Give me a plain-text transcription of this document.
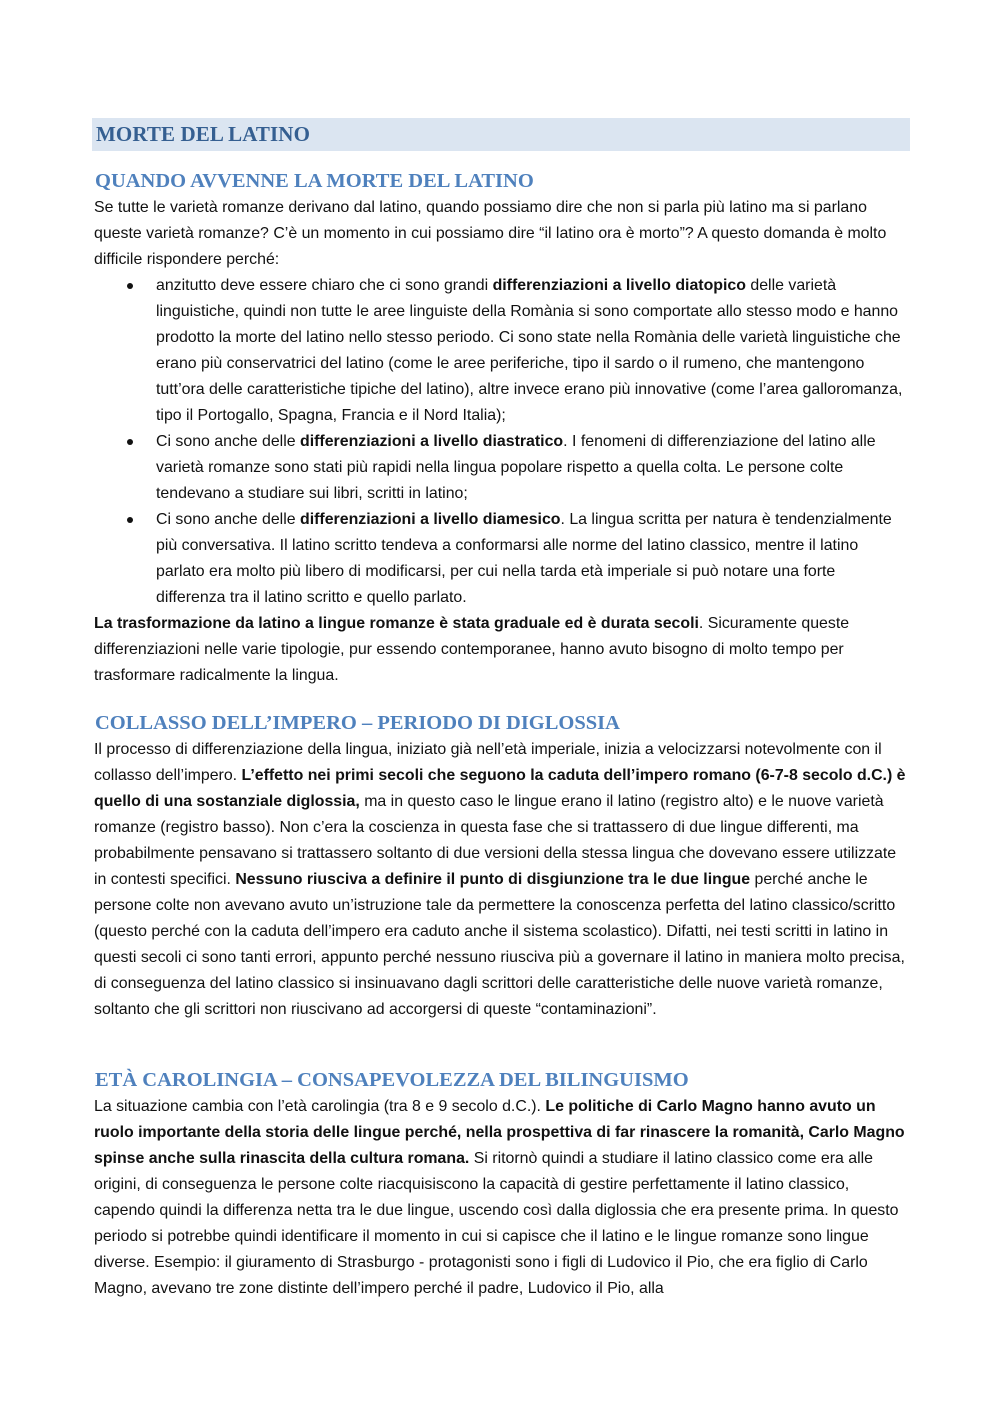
MORTE DEL LATINO
QUANDO AVVENNE LA MORTE DEL LATINO

Se tutte le varietà romanze derivano dal latino, quando possiamo dire che non si parla più latino ma si parlano queste varietà romanze? C’è un momento in cui possiamo dire “il latino ora è morto”? A questo domanda è molto difficile rispondere perché:

anzitutto deve essere chiaro che ci sono grandi differenziazioni a livello diatopico delle varietà linguistiche, quindi non tutte le aree linguiste della Romània si sono comportate allo stesso modo e hanno prodotto la morte del latino nello stesso periodo. Ci sono state nella Romània delle varietà linguistiche che erano più conservatrici del latino (come le aree periferiche, tipo il sardo o il rumeno, che mantengono tutt’ora delle caratteristiche tipiche del latino), altre invece erano più innovative (come l’area galloromanza, tipo il Portogallo, Spagna, Francia e il Nord Italia);
Ci sono anche delle differenziazioni a livello diastratico. I fenomeni di differenziazione del latino alle varietà romanze sono stati più rapidi nella lingua popolare rispetto a quella colta. Le persone colte tendevano a studiare sui libri, scritti in latino;
Ci sono anche delle differenziazioni a livello diamesico. La lingua scritta per natura è tendenzialmente più conversativa. Il latino scritto tendeva a conformarsi alle norme del latino classico, mentre il latino parlato era molto più libero di modificarsi, per cui nella tarda età imperiale si può notare una forte differenza tra il latino scritto e quello parlato.

La trasformazione da latino a lingue romanze è stata graduale ed è durata secoli. Sicuramente queste differenziazioni nelle varie tipologie, pur essendo contemporanee, hanno avuto bisogno di molto tempo per trasformare radicalmente la lingua.

COLLASSO DELL’IMPERO – PERIODO DI DIGLOSSIA

Il processo di differenziazione della lingua, iniziato già nell’età imperiale, inizia a velocizzarsi notevolmente con il collasso dell’impero. L’effetto nei primi secoli che seguono la caduta dell’impero romano (6-7-8 secolo d.C.) è quello di una sostanziale diglossia, ma in questo caso le lingue erano il latino (registro alto) e le nuove varietà romanze (registro basso). Non c’era la coscienza in questa fase che si trattassero di due lingue differenti, ma probabilmente pensavano si trattassero soltanto di due versioni della stessa lingua che dovevano essere utilizzate in contesti specifici. Nessuno riusciva a definire il punto di disgiunzione tra le due lingue perché anche le persone colte non avevano avuto un’istruzione tale da permettere la conoscenza perfetta del latino classico/scritto (questo perché con la caduta dell’impero era caduto anche il sistema scolastico). Difatti, nei testi scritti in latino in questi secoli ci sono tanti errori, appunto perché nessuno riusciva più a governare il latino in maniera molto precisa, di conseguenza del latino classico si insinuavano dagli scrittori delle caratteristiche delle nuove varietà romanze, soltanto che gli scrittori non riuscivano ad accorgersi di queste “contaminazioni”.

ETÀ CAROLINGIA – CONSAPEVOLEZZA DEL BILINGUISMO

La situazione cambia con l’età carolingia (tra 8 e 9 secolo d.C.). Le politiche di Carlo Magno hanno avuto un ruolo importante della storia delle lingue perché, nella prospettiva di far rinascere la romanità, Carlo Magno spinse anche sulla rinascita della cultura romana. Si ritornò quindi a studiare il latino classico come era alle origini, di conseguenza le persone colte riacquisiscono la capacità di gestire perfettamente il latino classico, capendo quindi la differenza netta tra le due lingue, uscendo così dalla diglossia che era presente prima. In questo periodo si potrebbe quindi identificare il momento in cui si capisce che il latino e le lingue romanze sono lingue diverse. Esempio: il giuramento di Strasburgo - protagonisti sono i figli di Ludovico il Pio, che era figlio di Carlo Magno, avevano tre zone distinte dell’impero perché il padre, Ludovico il Pio, alla
